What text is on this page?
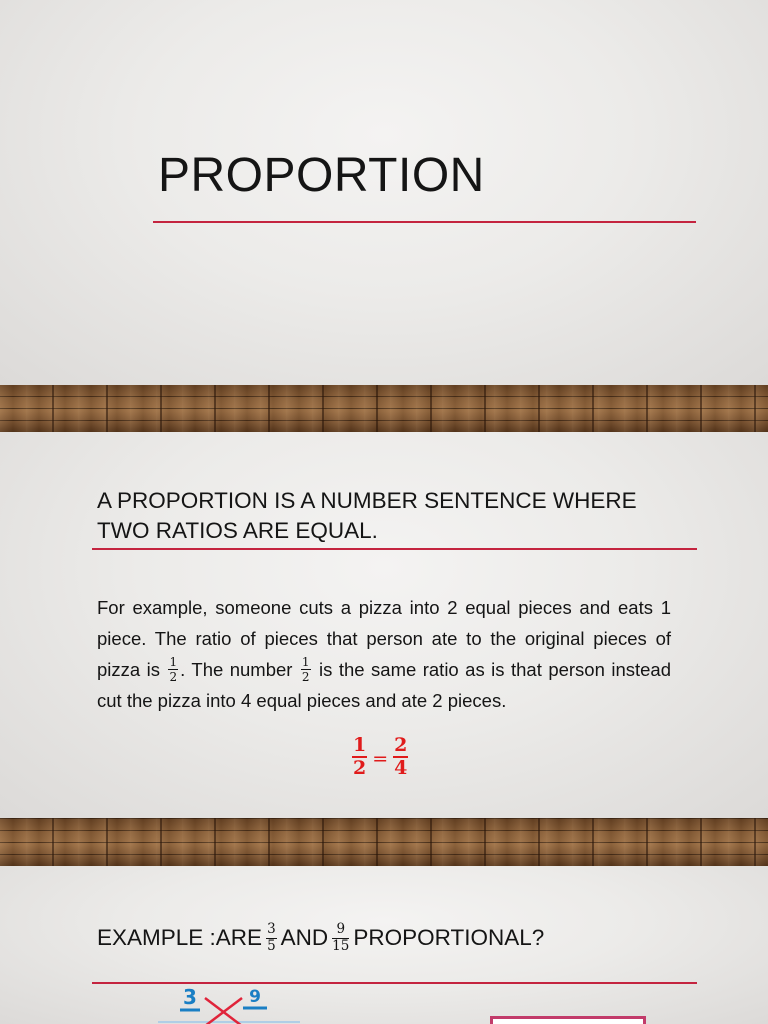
PROPORTION
A PROPORTION IS A NUMBER SENTENCE WHERE TWO RATIOS ARE EQUAL.

For example, someone cuts a pizza into 2 equal pieces and eats 1 piece. The ratio of pieces that person ate to the original pieces of pizza is $\frac{1}{2}$ . The number $\frac{1}{2}$ is the same ratio as is that person instead cut the pizza into 4 equal pieces and ate 2 pieces.

$\frac{1}{2} = \frac{2}{4}$
EXAMPLE :ARE $\frac{3}{5}$ AND $\frac{9}{15}$ PROPORTIONAL?
3	9
